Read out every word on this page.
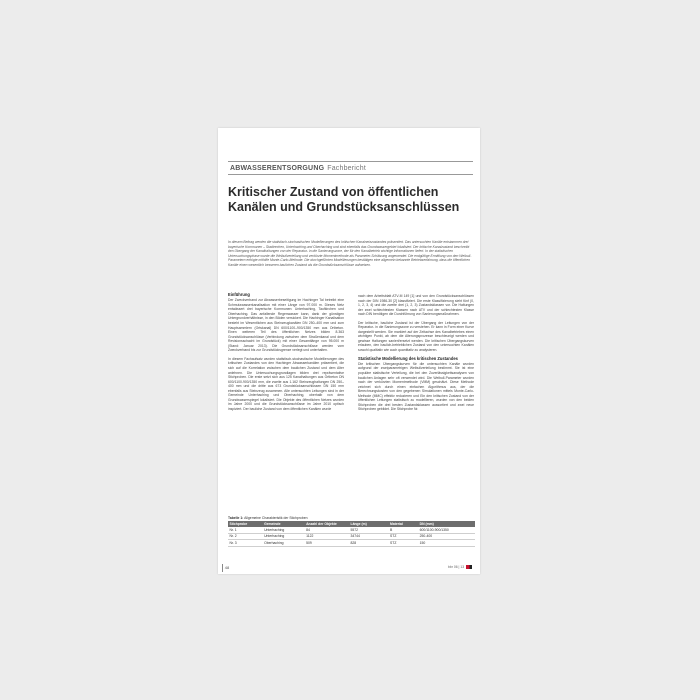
ABWASSERENTSORGUNG Fachbericht
Kritischer Zustand von öffentlichen Kanälen und Grundstücksanschlüssen
In diesem Beitrag werden die statistisch-stochastischen Modellierungen des kritischen Kanalnetzzustandes präsentiert. Das untersuchten Kanäle entstammen drei bayerische Kommunen – Stadtrechen, Unterhaching und Oberhaching und sind ebenfalls das Grundwassergebiet lokalisiert. Der kritische Kanalzustand beschreibt den Übergang der Kanalhaltungen von der Reparatur- in die Sanierungszone, der für den Kanalbetrieb wichtige Informationen liefert. In der statistischen Untersuchungsphase wurde die Weibullverteilung und verkürzte Momentmethode als Parameter-Schätzung angewendet. Die endgültige Ermittlung von den Weibull-Parametern erfolgte mithilfe Monte-Carlo-Methode. Die durchgeführten Modellierungen bestätigen eine allgemein bekannte Betriebserfahrung, dass die öffentlichen Kanäle einen wesentlich besseren baulichen Zustand als die Grundstücksanschlüsse aufweisen.
Einführung
Der Zweckverband zur Abwasserbeseitigung im Hachinger Tal betreibt eine Schmutzwasserkanalisation mit einer Länge von 97.000 m. Dieses Netz entwässert drei bayerische Kommunen: Unterhaching, Taufkirchen und Oberhaching. Das anfallende Regenwasser kann, dank der günstigen Untergrundverhältnisse, in den Böden versickert. Die Hachinger Kanalisation besteht im Wesentlichen aus Steinzeugkanälen DN 250–400 mm und zum Hauptsammlern (Ortskanal) DN 600/1100–900/1350 mm aus Ortbeton. Einen weiteren Teil des öffentlichen Netzes bilden 8.363 Grundstücksanschlüsse (Verbindung zwischen dem Straßenkanal und dem Revisionsschacht im Grundstück) mit einer Gesamtlänge von 95.000 m (Stand: Januar 2013). Die Grundstücksanschlüsse werden vom Zweckverband bis zur Grundstücksgrenze verlegt und unterhalten.
In diesem Fachaufsatz wurden statistisch-stochastische Modellierungen des kritischen Zustandes von den Hachinger Abwasserkanälen präsentiert, die sich auf die Korrelation zwischen dem baulichen Zustand und dem Alter anlehnen. Die Untersuchungsgrundlagen bilden drei repräsentative Stichproben. Die erste setzt sich aus 125 Kanalhaltungen aus Ortbeton DN 600/1100-900/1350 mm, die zweite aus 1.162 Steinzeughaltungen DN 250–400 mm und die dritte aus 673 Grundstücksanschlüssen DN 150 mm ebenfalls aus Steinzeug zusammen. Alle untersuchten Leitungen sind in der Gemeinde Unterhaching und Oberhaching, oberhalb von dem Grundwasserspiegel lokalisiert. Die Objekte des öffentlichen Netzes wurden im Jahre 2000 und die Grundstücksanschlüsse im Jahre 2010 optisch inspiziert. Der bauliche Zustand von dem öffentlichen Kanälen wurde
nach dem Arbeitsblatt ATV-M 149 [1] und von den Grundstücksanschlüssen nach der DIN 1986-30 [2] klassifiziert. Die erste Klassifizierung sieht fünf (0, 1, 2, 3, 4) und die zweite drei (1, 2, 3) Zustandsklassen vor. Die Haltungen der zwei schlechtesten Klassen nach ATV und der schlechtesten Klasse nach DIN benötigen die Durchführung von Sanierungsmaßnahmen.
Der kritische, bauliche Zustand ist der Übergang der Leitungen von der Reparatur- in die Sanierungszone zu verstehen. Er kann in Form einer Kurve dargestellt werden. Sie markiert auf der Zeitachse des Kanalbetriebes einen wichtigen Punkt, ab dem die Alterungsprozesse beschleunigt werden und gewisse Haltungen saniert/ersetzt werden. Die kritischen Übergangskurven erlauben, den baulich-betrieblichen Zustand von den untersuchten Kanälen sowohl qualitativ wie auch quantitativ zu analysieren.
Statistische Modellierung des kritischen Zustandes
Die kritischen Übergangskurven für die untersuchten Kanäle wurden aufgrund der zweiparametrigen Weibullverteilung bestimmt. Sie ist eine populäre statistische Verteilung, die bei den Zuverlässigkeitsanalysen von baulichen Anlagen sehr oft verwendet wird. Die Weibull-Parameter wurden nach der verkürzten Momentmethode (VMM) geschätzt. Diese Methode zeichnet sich durch einen einfachen Algorithmus aus, der die Berechnungskosten von den gegebenen Simulationen mittels Monte-Carlo-Methode (MMC) effektiv reduzieren und Ein den kritischen Zustand von der öffentlichen Leitungen statistisch zu modellieren, wurden von den beiden Stichproben die drei besten Zustandsklassen aussortiert und zwei neue Stichproben gebildet. Die Stichprobe Nr.
Tabelle 1: Allgemeine Charakteristik der Stichproben
Stichprobe	Gemeinde	Anzahl der Objekte	Länge (m)	Material	DN (mm)
Nr. 1	Unterhaching	84	5572	B	600/1100-900/1350
Nr. 2	Unterhaching	1122	34744	STZ	250-400
Nr. 3	Oberhaching	509	828	STZ	150
48	bbr 06 | 13
